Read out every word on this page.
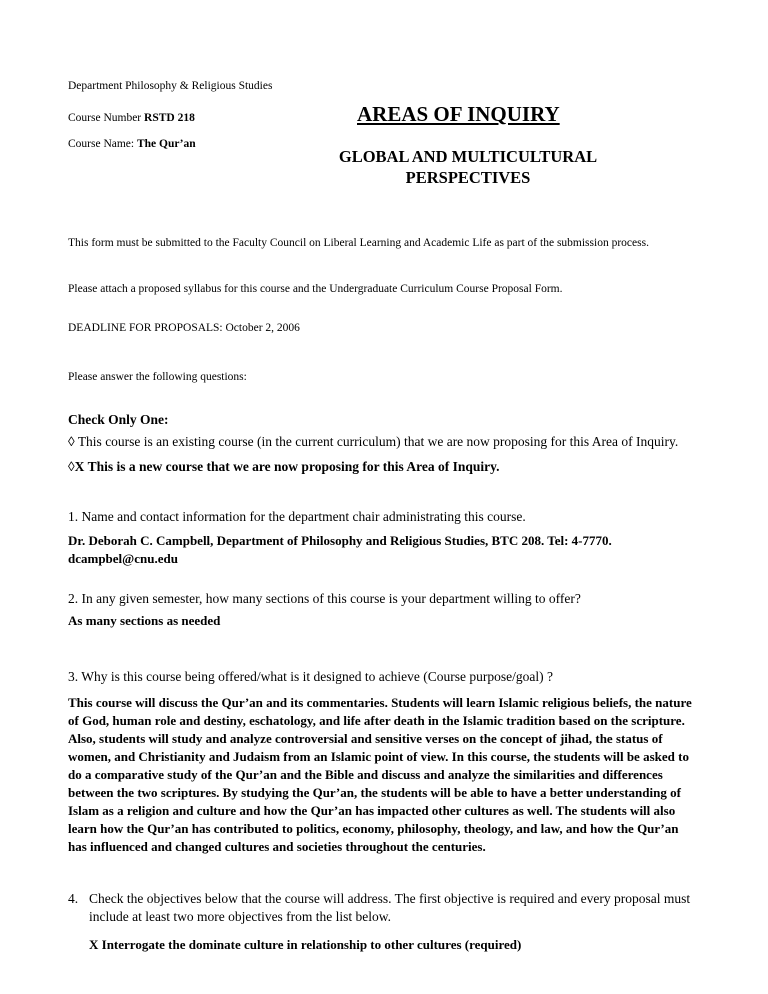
Department Philosophy & Religious Studies
Course Number RSTD 218
Course Name: The Qur’an
AREAS OF INQUIRY
GLOBAL AND MULTICULTURAL
PERSPECTIVES
This form must be submitted to the Faculty Council on Liberal Learning and Academic Life as part of the submission process.
Please attach a proposed syllabus for this course and the Undergraduate Curriculum Course Proposal Form.
DEADLINE FOR PROPOSALS: October 2, 2006
Please answer the following questions:
Check Only One:
◊ This course is an existing course (in the current curriculum) that we are now proposing for this Area of Inquiry.
◊X This is a new course that we are now proposing for this Area of Inquiry.
1. Name and contact information for the department chair administrating this course.
Dr. Deborah C. Campbell, Department of Philosophy and Religious Studies, BTC 208. Tel: 4-7770. dcampbel@cnu.edu
2. In any given semester, how many sections of this course is your department willing to offer?
As many sections as needed
3. Why is this course being offered/what is it designed to achieve (Course purpose/goal) ?
This course will discuss the Qur’an and its commentaries. Students will learn Islamic religious beliefs, the nature of God, human role and destiny, eschatology, and life after death in the Islamic tradition based on the scripture. Also, students will study and analyze controversial and sensitive verses on the concept of jihad, the status of women, and Christianity and Judaism from an Islamic point of view. In this course, the students will be asked to do a comparative study of the Qur’an and the Bible and discuss and analyze the similarities and differences between the two scriptures. By studying the Qur’an, the students will be able to have a better understanding of Islam as a religion and culture and how the Qur’an has impacted other cultures as well. The students will also learn how the Qur’an has contributed to politics, economy, philosophy, theology, and law, and how the Qur’an has influenced and changed cultures and societies throughout the centuries.
4. Check the objectives below that the course will address. The first objective is required and every proposal must include at least two more objectives from the list below.
X Interrogate the dominate culture in relationship to other cultures (required)
